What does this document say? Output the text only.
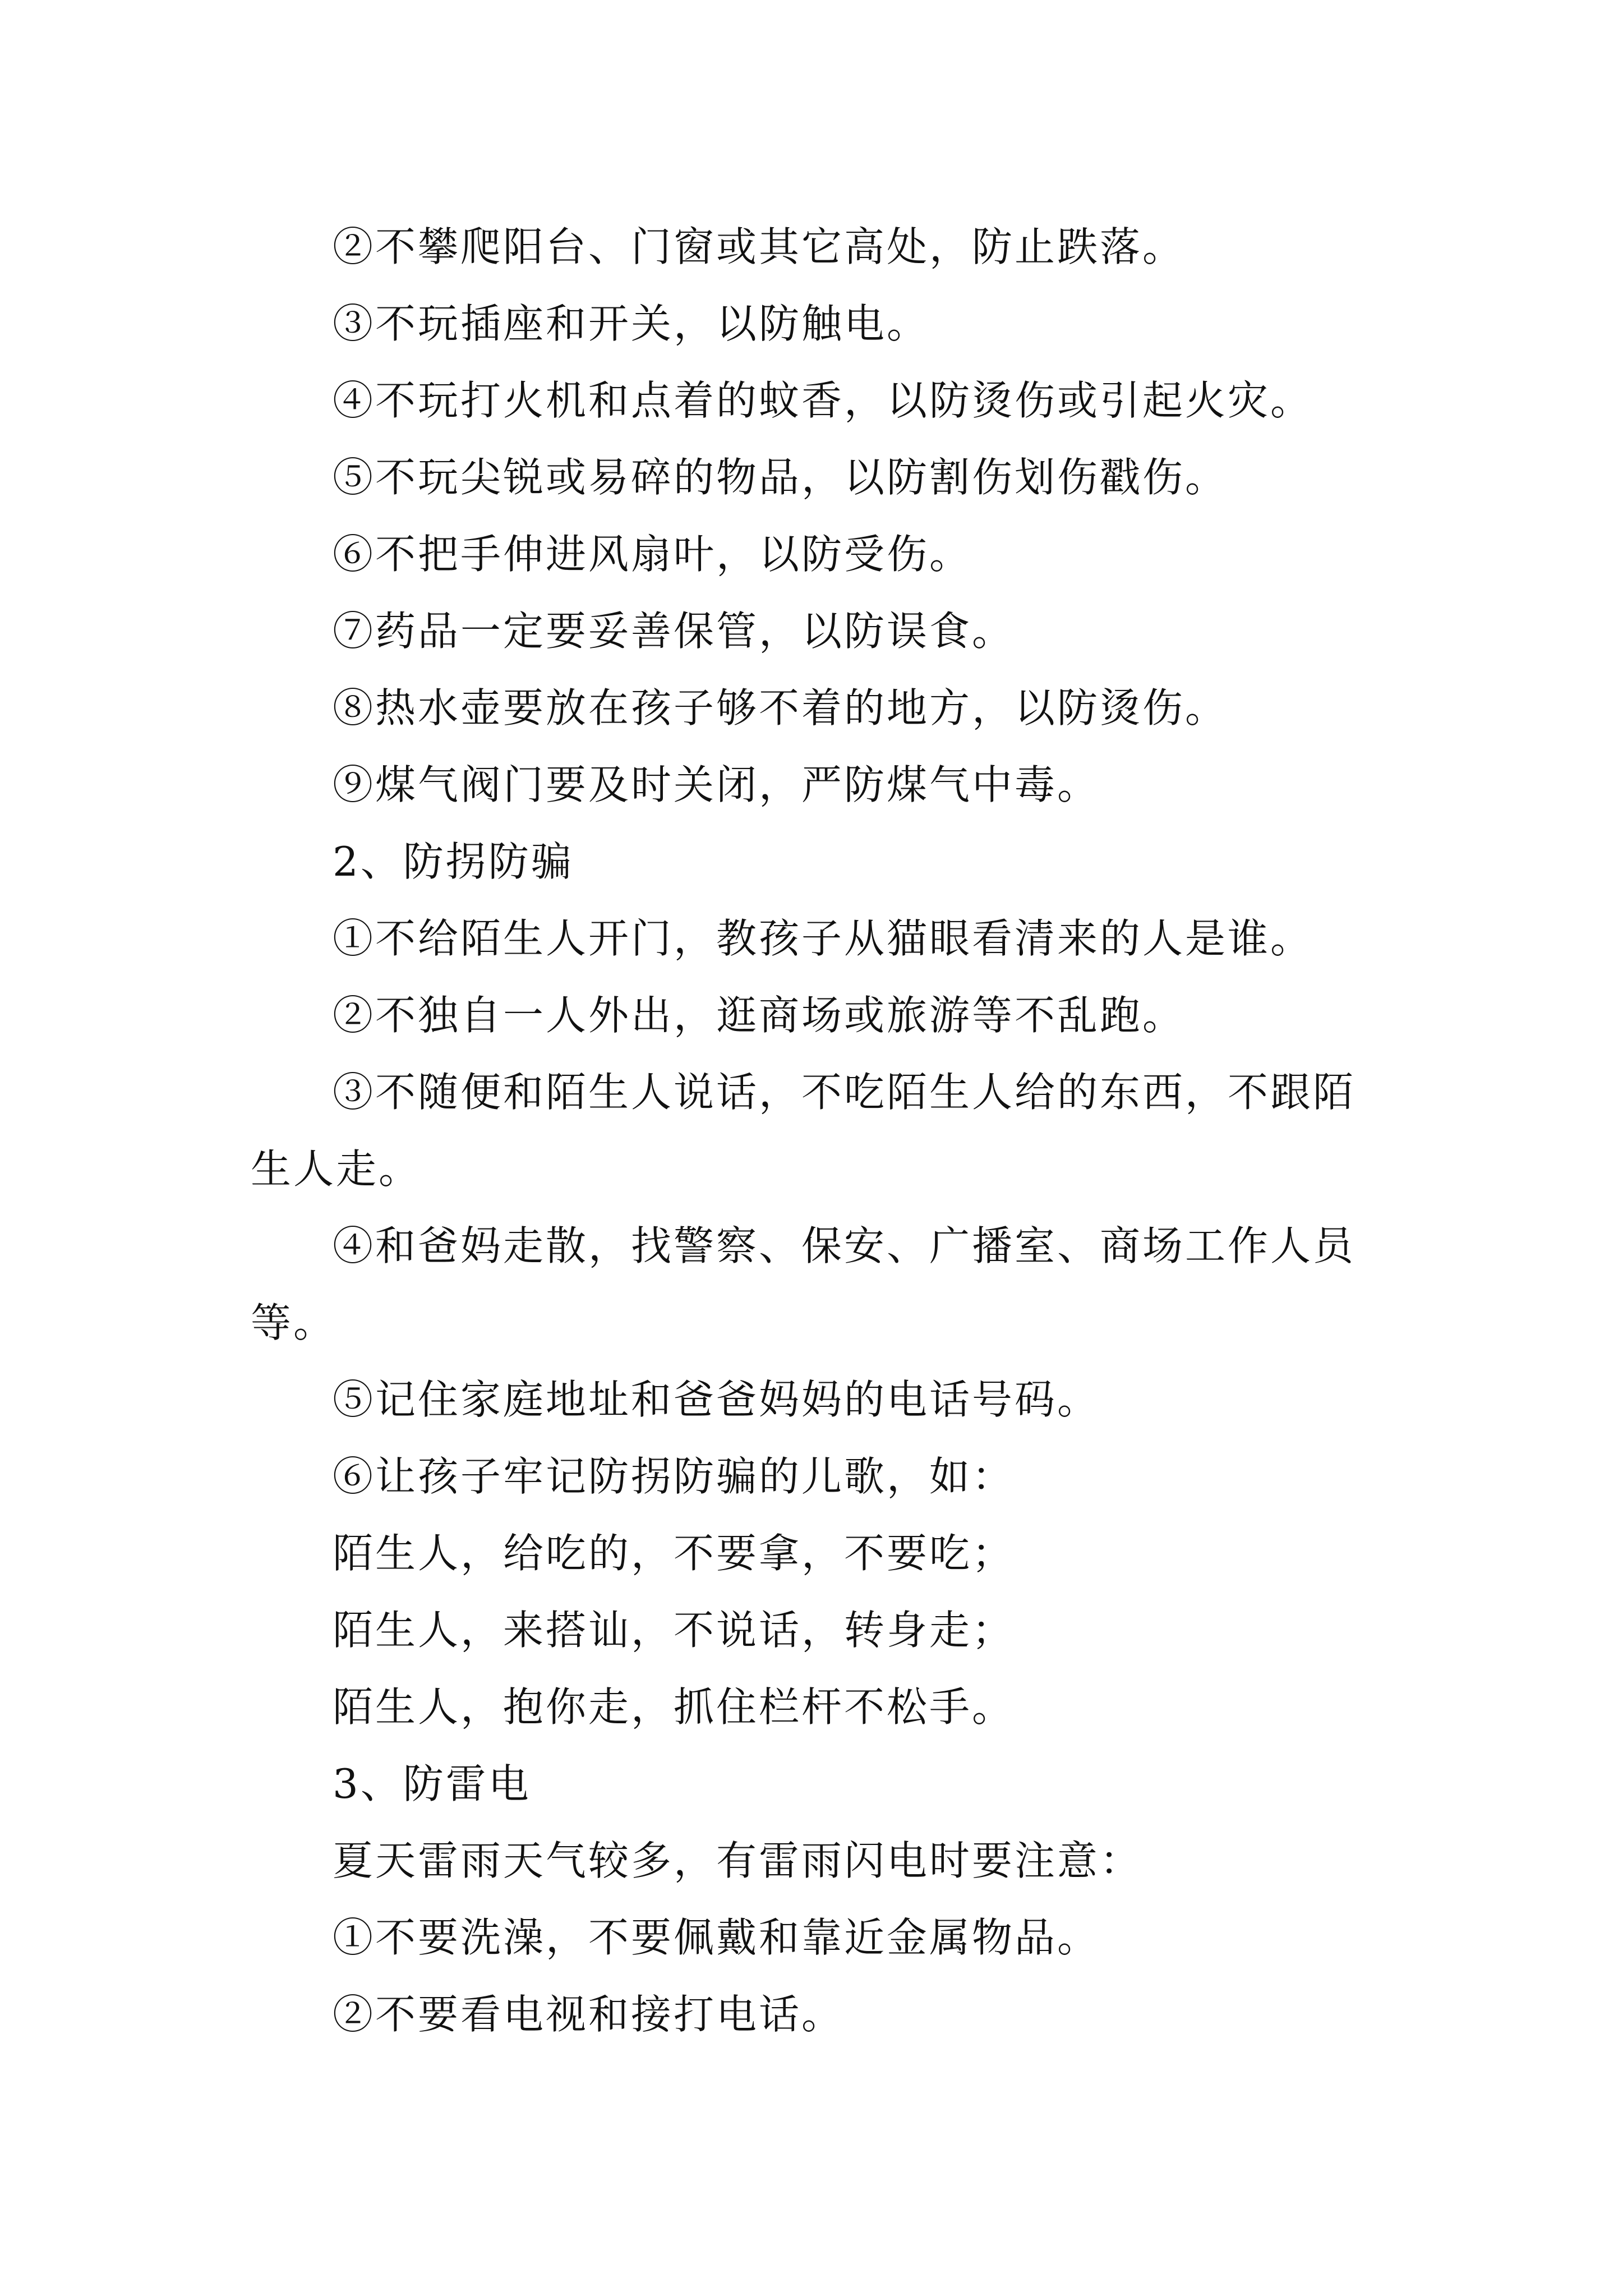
②不攀爬阳台、门窗或其它高处，防止跌落。

③不玩插座和开关，以防触电。

④不玩打火机和点着的蚊香，以防烫伤或引起火灾。

⑤不玩尖锐或易碎的物品，以防割伤划伤戳伤。

⑥不把手伸进风扇叶，以防受伤。

⑦药品一定要妥善保管，以防误食。

⑧热水壶要放在孩子够不着的地方，以防烫伤。

⑨煤气阀门要及时关闭，严防煤气中毒。

2、防拐防骗

①不给陌生人开门，教孩子从猫眼看清来的人是谁。

②不独自一人外出，逛商场或旅游等不乱跑。

③不随便和陌生人说话，不吃陌生人给的东西，不跟陌生人走。

④和爸妈走散，找警察、保安、广播室、商场工作人员等。

⑤记住家庭地址和爸爸妈妈的电话号码。

⑥让孩子牢记防拐防骗的儿歌，如：

陌生人，给吃的，不要拿，不要吃；

陌生人，来搭讪，不说话，转身走；

陌生人，抱你走，抓住栏杆不松手。

3、防雷电

夏天雷雨天气较多，有雷雨闪电时要注意：

①不要洗澡，不要佩戴和靠近金属物品。

②不要看电视和接打电话。
